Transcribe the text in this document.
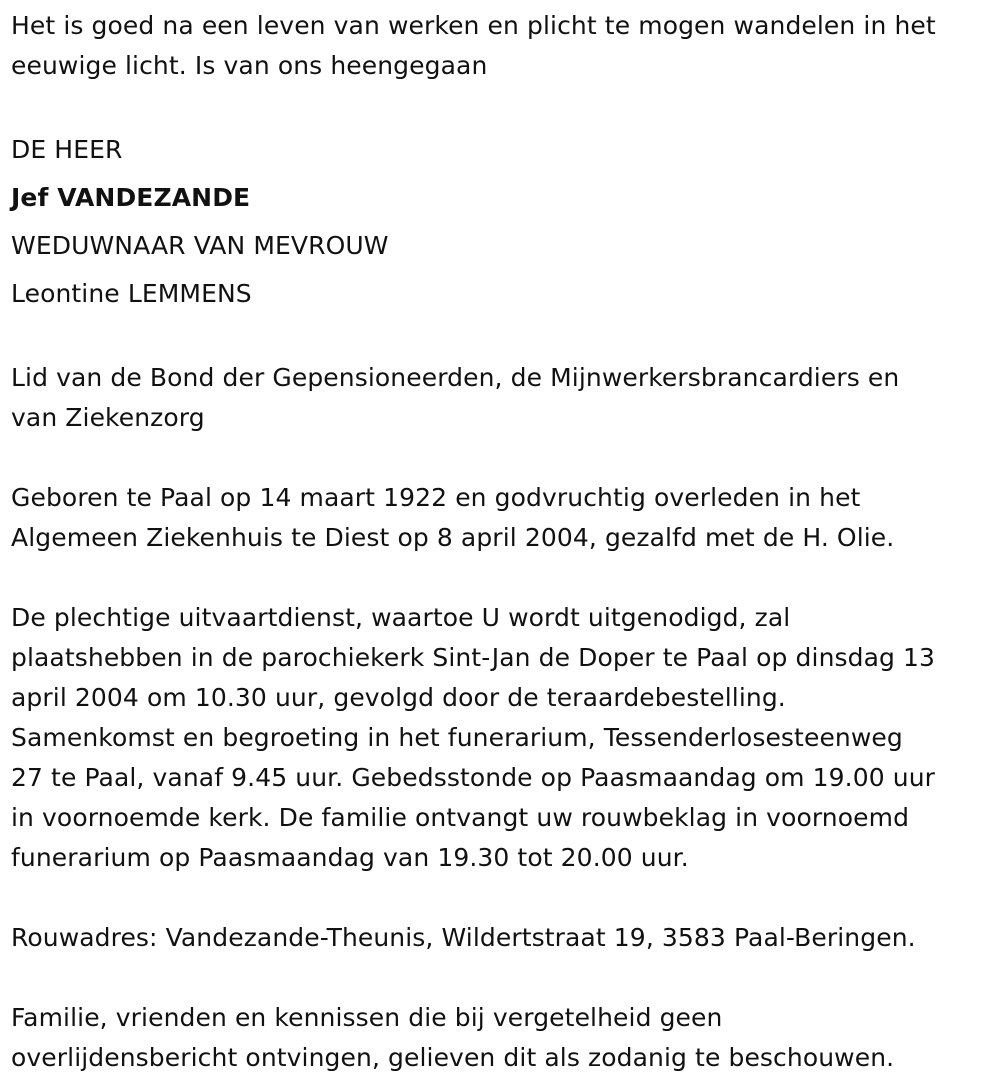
Het is goed na een leven van werken en plicht te mogen wandelen in het
eeuwige licht. Is van ons heengegaan
DE HEER
Jef VANDEZANDE
WEDUWNAAR VAN MEVROUW
Leontine LEMMENS
Lid van de Bond der Gepensioneerden, de Mijnwerkersbrancardiers en
van Ziekenzorg
Geboren te Paal op 14 maart 1922 en godvruchtig overleden in het
Algemeen Ziekenhuis te Diest op 8 april 2004, gezalfd met de H. Olie.
De plechtige uitvaartdienst, waartoe U wordt uitgenodigd, zal
plaatshebben in de parochiekerk Sint-Jan de Doper te Paal op dinsdag 13
april 2004 om 10.30 uur, gevolgd door de teraardebestelling.
Samenkomst en begroeting in het funerarium, Tessenderlosesteenweg
27 te Paal, vanaf 9.45 uur. Gebedsstonde op Paasmaandag om 19.00 uur
in voornoemde kerk. De familie ontvangt uw rouwbeklag in voornoemd
funerarium op Paasmaandag van 19.30 tot 20.00 uur.
Rouwadres: Vandezande-Theunis, Wildertstraat 19, 3583 Paal-Beringen.
Familie, vrienden en kennissen die bij vergetelheid geen
overlijdensbericht ontvingen, gelieven dit als zodanig te beschouwen.
